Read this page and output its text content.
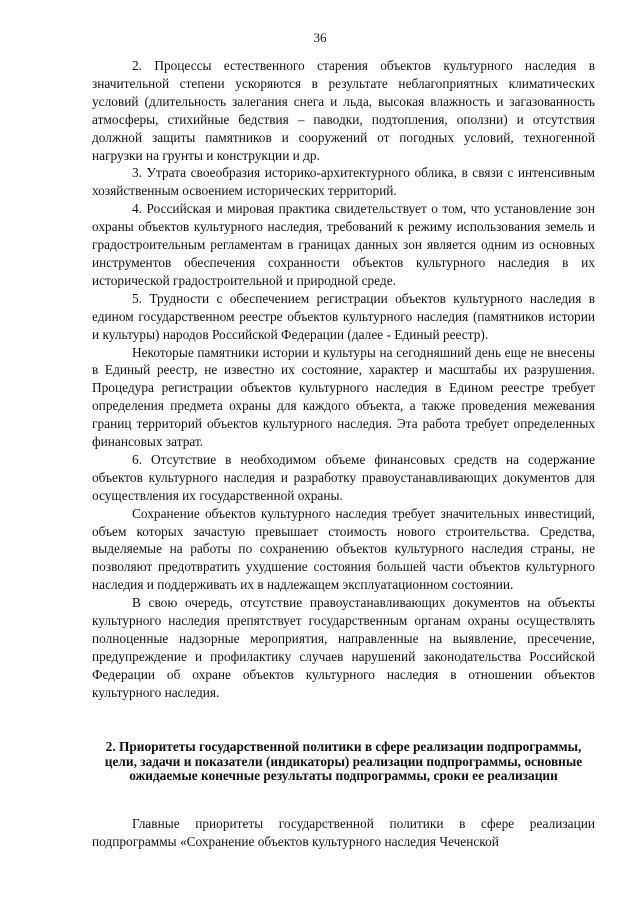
36

2. Процессы естественного старения объектов культурного наследия в значительной степени ускоряются в результате неблагоприятных климатических условий (длительность залегания снега и льда, высокая влажность и загазованность атмосферы, стихийные бедствия – паводки, подтопления, оползни) и отсутствия должной защиты памятников и сооружений от погодных условий, техногенной нагрузки на грунты и конструкции и др.

3. Утрата своеобразия историко-архитектурного облика, в связи с интенсивным хозяйственным освоением исторических территорий.

4. Российская и мировая практика свидетельствует о том, что установление зон охраны объектов культурного наследия, требований к режиму использования земель и градостроительным регламентам в границах данных зон является одним из основных инструментов обеспечения сохранности объектов культурного наследия в их исторической градостроительной и природной среде.

5. Трудности с обеспечением регистрации объектов культурного наследия в едином государственном реестре объектов культурного наследия (памятников истории и культуры) народов Российской Федерации (далее - Единый реестр).

Некоторые памятники истории и культуры на сегодняшний день еще не внесены в Единый реестр, не известно их состояние, характер и масштабы их разрушения. Процедура регистрации объектов культурного наследия в Едином реестре требует определения предмета охраны для каждого объекта, а также проведения межевания границ территорий объектов культурного наследия. Эта работа требует определенных финансовых затрат.

6. Отсутствие в необходимом объеме финансовых средств на содержание объектов культурного наследия и разработку правоустанавливающих документов для осуществления их государственной охраны.

Сохранение объектов культурного наследия требует значительных инвестиций, объем которых зачастую превышает стоимость нового строительства. Средства, выделяемые на работы по сохранению объектов культурного наследия страны, не позволяют предотвратить ухудшение состояния большей части объектов культурного наследия и поддерживать их в надлежащем эксплуатационном состоянии.

В свою очередь, отсутствие правоустанавливающих документов на объекты культурного наследия препятствует государственным органам охраны осуществлять полноценные надзорные мероприятия, направленные на выявление, пресечение, предупреждение и профилактику случаев нарушений законодательства Российской Федерации об охране объектов культурного наследия в отношении объектов культурного наследия.

2. Приоритеты государственной политики в сфере реализации подпрограммы, цели, задачи и показатели (индикаторы) реализации подпрограммы, основные ожидаемые конечные результаты подпрограммы, сроки ее реализации

Главные приоритеты государственной политики в сфере реализации подпрограммы «Сохранение объектов культурного наследия Чеченской
